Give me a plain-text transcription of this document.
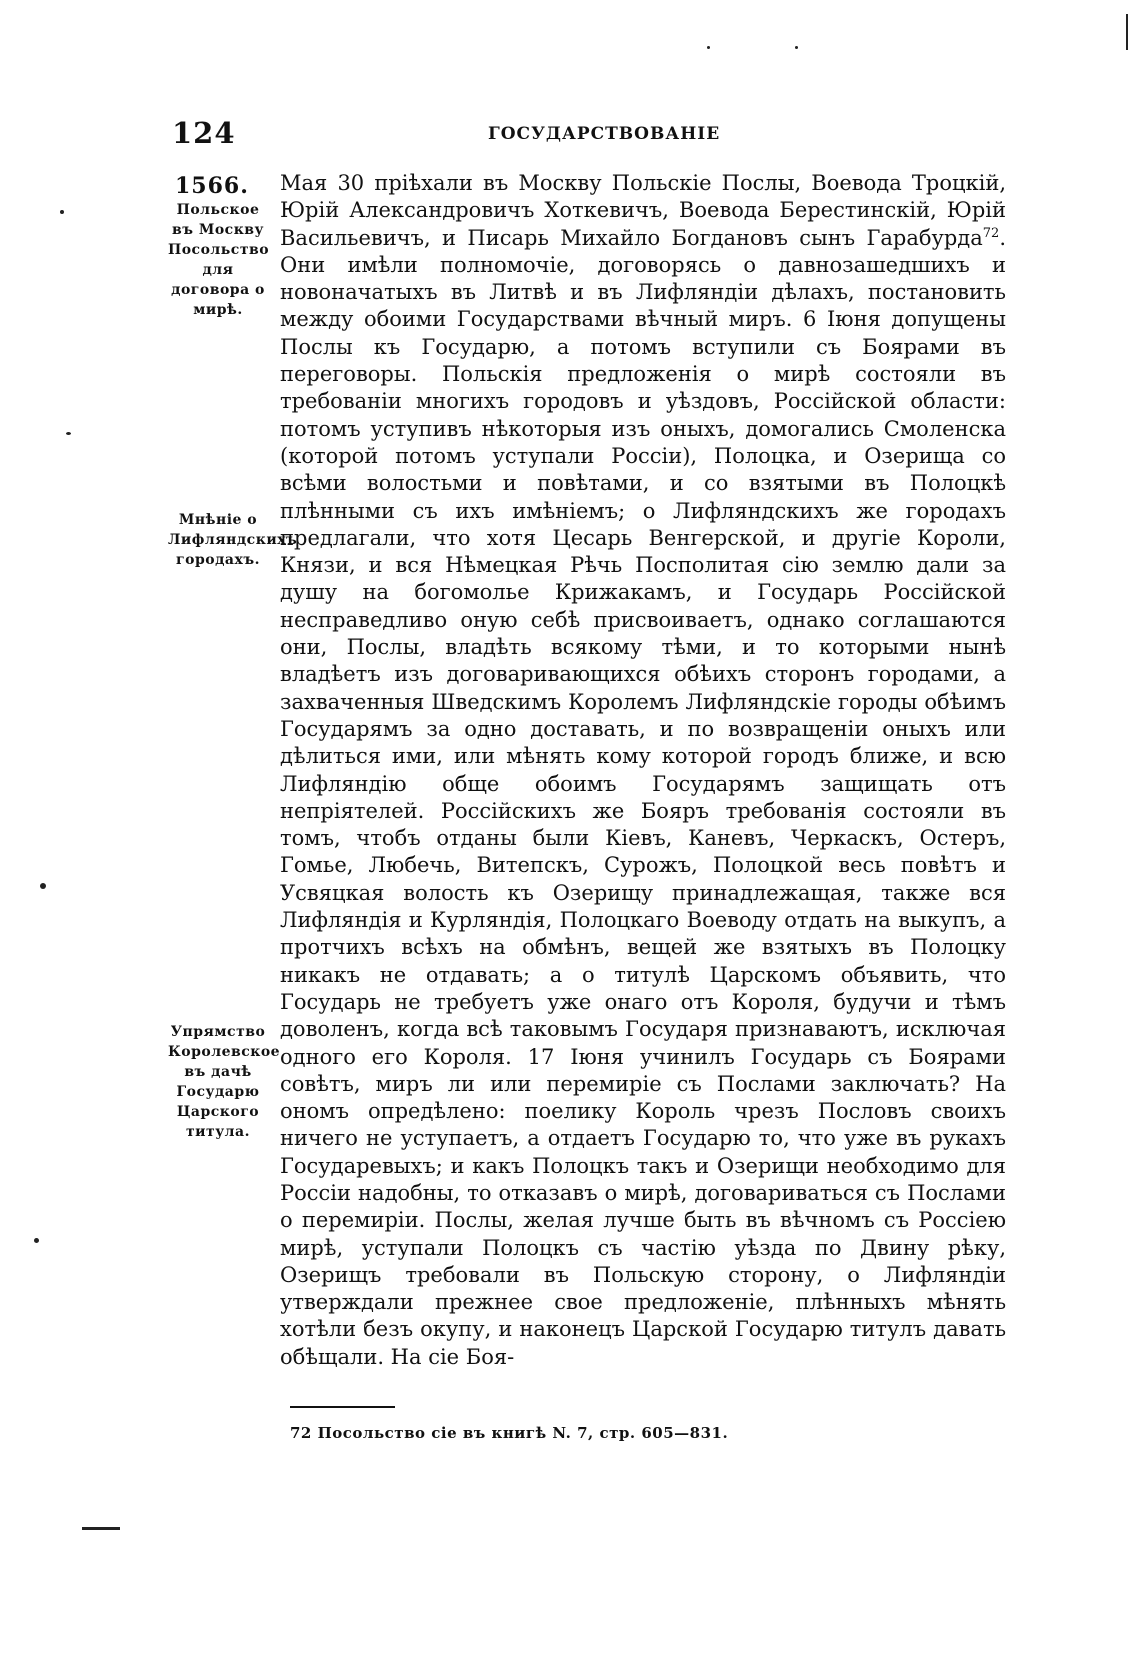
124	ГОСУДАРСТВОВАНІЕ
1566.
Польское въ Москву Посольство для договора о мирѣ.
Мнѣніе о Лифляндскихъ городахъ.
Упрямство Королевское въ дачѣ Государю Царского титула.

Мая 30 пріѣхали въ Москву Польскіе Послы, Воевода Троцкій, Юрій Александровичъ Хоткевичъ, Воевода Берестинскій, Юрій Васильевичъ, и Писарь Михайло Богдановъ сынъ Гарабурда$^{72}$. Они имѣли полномочіе, договорясь о давнозашедшихъ и новоначатыхъ въ Литвѣ и въ Лифляндіи дѣлахъ, постановить между обоими Государствами вѣчный миръ. 6 Іюня допущены Послы къ Государю, а потомъ вступили съ Боярами въ переговоры. Польскія предложенія о мирѣ состояли въ требованіи многихъ городовъ и уѣздовъ, Россійской области: потомъ уступивъ нѣкоторыя изъ оныхъ, домогались Смоленска (которой потомъ уступали Россіи), Полоцка, и Озерища со всѣми волостьми и повѣтами, и со взятыми въ Полоцкѣ плѣнными съ ихъ имѣніемъ; о Лифляндскихъ же городахъ предлагали, что хотя Цесарь Венгерской, и другіе Короли, Князи, и вся Нѣмецкая Рѣчь Посполитая сію землю дали за душу на богомолье Крижакамъ, и Государь Россійской несправедливо оную себѣ присвоиваетъ, однако соглашаются они, Послы, владѣть всякому тѣми, и то которыми нынѣ владѣетъ изъ договаривающихся обѣихъ сторонъ городами, а захваченныя Шведскимъ Королемъ Лифляндскіе городы обѣимъ Государямъ за одно доставать, и по возвращеніи оныхъ или дѣлиться ими, или мѣнять кому которой городъ ближе, и всю Лифляндію обще обоимъ Государямъ защищать отъ непріятелей. Россійскихъ же Бояръ требованія состояли въ томъ, чтобъ отданы были Кіевъ, Каневъ, Черкаскъ, Остеръ, Гомье, Любечь, Витепскъ, Сурожъ, Полоцкой весь повѣтъ и Усвяцкая волость къ Озерищу принадлежащая, также вся Лифляндія и Курляндія, Полоцкаго Воеводу отдать на выкупъ, а протчихъ всѣхъ на обмѣнъ, вещей же взятыхъ въ Полоцку никакъ не отдавать; а о титулѣ Царскомъ объявить, что Государь не требуетъ уже онаго отъ Короля, будучи и тѣмъ доволенъ, когда всѣ таковымъ Государя признаваютъ, исключая одного его Короля. 17 Іюня учинилъ Государь съ Боярами совѣтъ, миръ ли или перемиріе съ Послами заключать? На ономъ опредѣлено: поелику Король чрезъ Пословъ своихъ ничего не уступаетъ, а отдаетъ Государю то, что уже въ рукахъ Государевыхъ; и какъ Полоцкъ такъ и Озерищи необходимо для Россіи надобны, то отказавъ о мирѣ, договариваться съ Послами о перемиріи. Послы, желая лучше быть въ вѣчномъ съ Россіею мирѣ, уступали Полоцкъ съ частію уѣзда по Двину рѣку, Озерищъ требовали въ Польскую сторону, о Лифляндіи утверждали прежнее свое предложеніе, плѣнныхъ мѣнять хотѣли безъ окупу, и наконецъ Царской Государю титулъ давать обѣщали. На сіе Боя-

72 Посольство сіе въ книгѣ N. 7, стр. 605—831.
